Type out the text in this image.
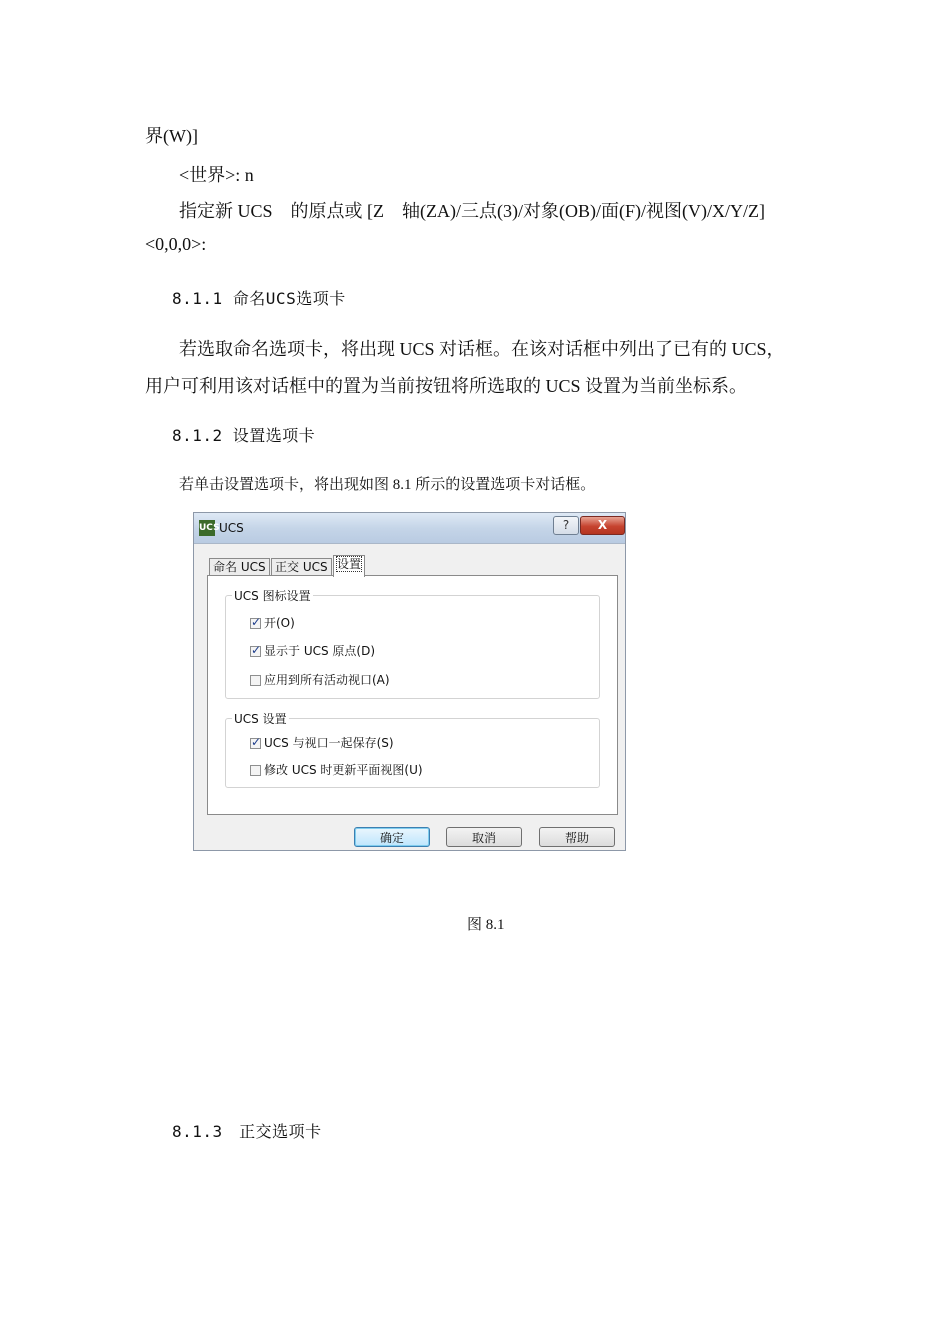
界(W)]
<世界>: n
指定新 UCS　的原点或 [Z　轴(ZA)/三点(3)/对象(OB)/面(F)/视图(V)/X/Y/Z]
<0,0,0>:
8.1.1 命名UCS选项卡
若选取命名选项卡，将出现 UCS 对话框。在该对话框中列出了已有的 UCS，
用户可利用该对话框中的置为当前按钮将所选取的 UCS 设置为当前坐标系。
8.1.2 设置选项卡
若单击设置选项卡，将出现如图 8.1 所示的设置选项卡对话框。
UCS UCS	?	X
命名 UCS 正交 UCS 设置
UCS 图标设置
✓ 开(O)
✓ 显示于 UCS 原点(D)
应用到所有活动视口(A)
UCS 设置
✓ UCS 与视口一起保存(S)
修改 UCS 时更新平面视图(U)
确定	取消	帮助
图 8.1
8.1.3　正交选项卡
